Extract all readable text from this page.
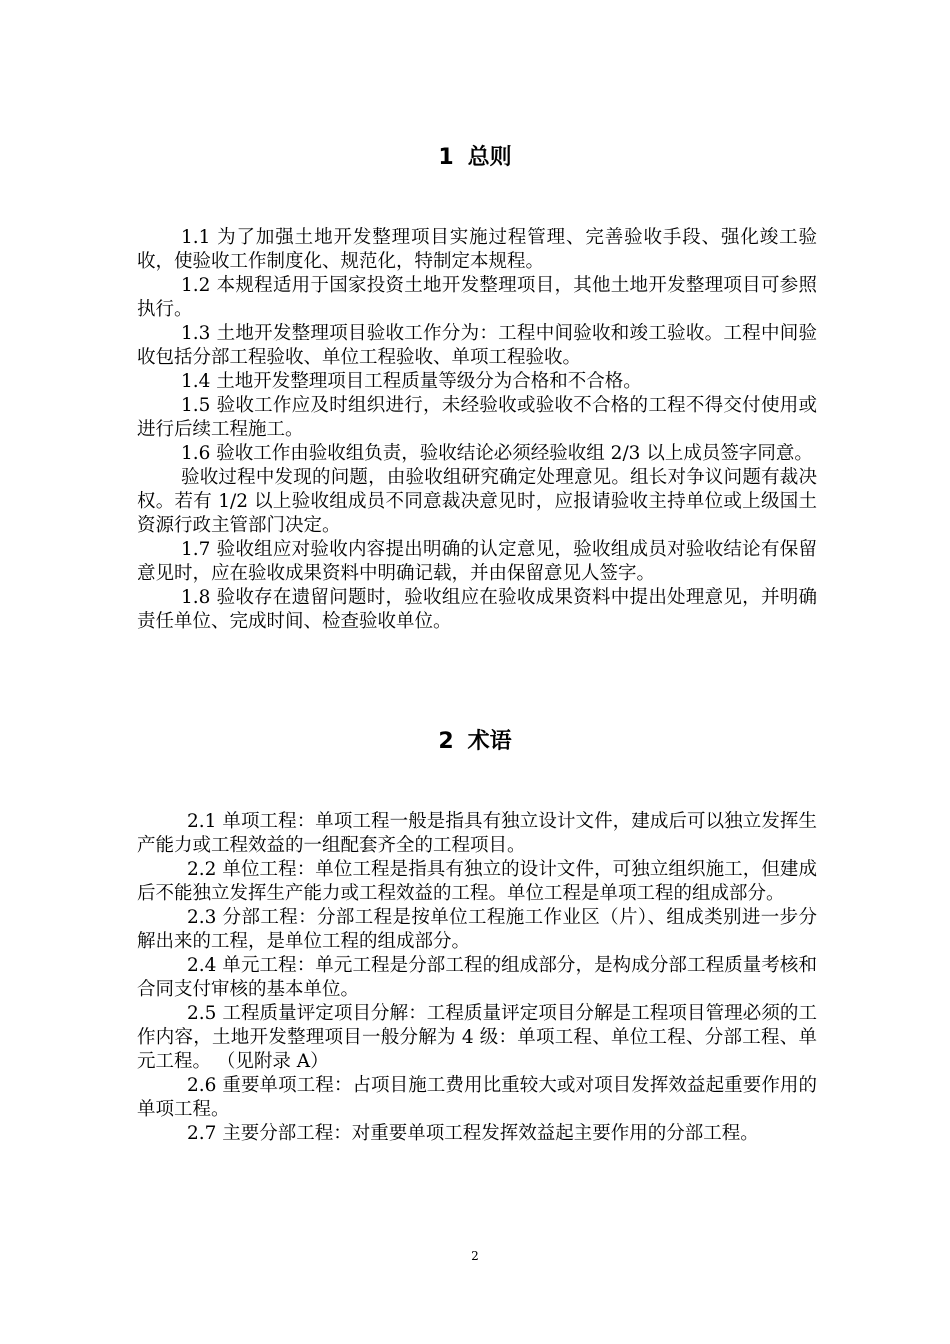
1 总则

1.1 为了加强土地开发整理项目实施过程管理、完善验收手段、强化竣工验收，使验收工作制度化、规范化，特制定本规程。

1.2 本规程适用于国家投资土地开发整理项目，其他土地开发整理项目可参照执行。

1.3 土地开发整理项目验收工作分为：工程中间验收和竣工验收。工程中间验收包括分部工程验收、单位工程验收、单项工程验收。

1.4 土地开发整理项目工程质量等级分为合格和不合格。

1.5 验收工作应及时组织进行，未经验收或验收不合格的工程不得交付使用或进行后续工程施工。

1.6 验收工作由验收组负责，验收结论必须经验收组 2/3 以上成员签字同意。

验收过程中发现的问题，由验收组研究确定处理意见。组长对争议问题有裁决权。若有 1/2 以上验收组成员不同意裁决意见时，应报请验收主持单位或上级国土资源行政主管部门决定。

1.7 验收组应对验收内容提出明确的认定意见，验收组成员对验收结论有保留意见时，应在验收成果资料中明确记载，并由保留意见人签字。

1.8 验收存在遗留问题时，验收组应在验收成果资料中提出处理意见，并明确责任单位、完成时间、检查验收单位。

2 术语

2.1 单项工程：单项工程一般是指具有独立设计文件，建成后可以独立发挥生产能力或工程效益的一组配套齐全的工程项目。

2.2 单位工程：单位工程是指具有独立的设计文件，可独立组织施工，但建成后不能独立发挥生产能力或工程效益的工程。单位工程是单项工程的组成部分。

2.3 分部工程：分部工程是按单位工程施工作业区（片）、组成类别进一步分解出来的工程，是单位工程的组成部分。

2.4 单元工程：单元工程是分部工程的组成部分，是构成分部工程质量考核和合同支付审核的基本单位。

2.5 工程质量评定项目分解：工程质量评定项目分解是工程项目管理必须的工作内容，土地开发整理项目一般分解为 4 级：单项工程、单位工程、分部工程、单元工程。 （见附录 A）

2.6 重要单项工程：占项目施工费用比重较大或对项目发挥效益起重要作用的单项工程。

2.7 主要分部工程：对重要单项工程发挥效益起主要作用的分部工程。

2
